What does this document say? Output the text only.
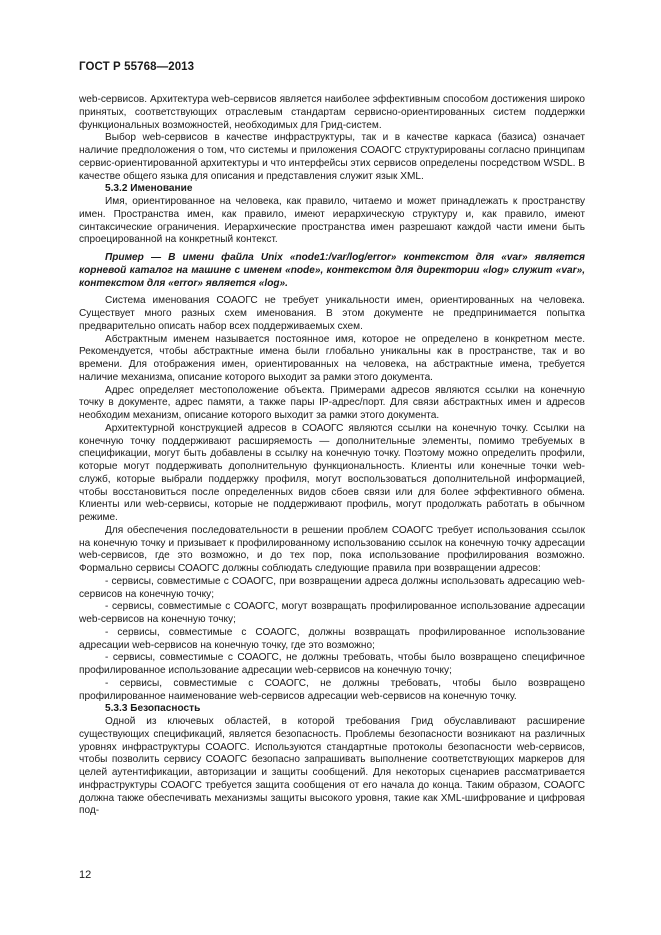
ГОСТ Р 55768—2013

web-сервисов. Архитектура web-сервисов является наиболее эффективным способом достижения широко принятых, соответствующих отраслевым стандартам сервисно-ориентированных систем поддержки функциональных возможностей, необходимых для Грид-систем.

Выбор web-сервисов в качестве инфраструктуры, так и в качестве каркаса (базиса) означает наличие предположения о том, что системы и приложения СОАОГС структурированы согласно принципам сервис-ориентированной архитектуры и что интерфейсы этих сервисов определены посредством WSDL. В качестве общего языка для описания и представления служит язык XML.

5.3.2 Именование

Имя, ориентированное на человека, как правило, читаемо и может принадлежать к пространству имен. Пространства имен, как правило, имеют иерархическую структуру и, как правило, имеют синтаксические ограничения. Иерархические пространства имен разрешают каждой части имени быть спроецированной на конкретный контекст.

Пример — В имени файла Unix «node1:/var/log/error» контекстом для «var» является корневой каталог на машине с именем «node», контекстом для директории «log» служит «var», контекстом для «error» является «log».

Система именования СОАОГС не требует уникальности имен, ориентированных на человека. Существует много разных схем именования. В этом документе не предпринимается попытка предварительно описать набор всех поддерживаемых схем.

Абстрактным именем называется постоянное имя, которое не определено в конкретном месте. Рекомендуется, чтобы абстрактные имена были глобально уникальны как в пространстве, так и во времени. Для отображения имен, ориентированных на человека, на абстрактные имена, требуется наличие механизма, описание которого выходит за рамки этого документа.

Адрес определяет местоположение объекта. Примерами адресов являются ссылки на конечную точку в документе, адрес памяти, а также пары IP-адрес/порт. Для связи абстрактных имен и адресов необходим механизм, описание которого выходит за рамки этого документа.

Архитектурной конструкцией адресов в СОАОГС являются ссылки на конечную точку. Ссылки на конечную точку поддерживают расширяемость — дополнительные элементы, помимо требуемых в спецификации, могут быть добавлены в ссылку на конечную точку. Поэтому можно определить профили, которые могут поддерживать дополнительную функциональность. Клиенты или конечные точки web-служб, которые выбрали поддержку профиля, могут воспользоваться дополнительной информацией, чтобы восстановиться после определенных видов сбоев связи или для более эффективного обмена. Клиенты или web-сервисы, которые не поддерживают профиль, могут продолжать работать в обычном режиме.

Для обеспечения последовательности в решении проблем СОАОГС требует использования ссылок на конечную точку и призывает к профилированному использованию ссылок на конечную точку адресации web-сервисов, где это возможно, и до тех пор, пока использование профилирования возможно. Формально сервисы СОАОГС должны соблюдать следующие правила при возвращении адресов:

- сервисы, совместимые с СОАОГС, при возвращении адреса должны использовать адресацию web-сервисов на конечную точку;

- сервисы, совместимые с СОАОГС, могут возвращать профилированное использование адресации web-сервисов на конечную точку;

- сервисы, совместимые с СОАОГС, должны возвращать профилированное использование адресации web-сервисов на конечную точку, где это возможно;

- сервисы, совместимые с СОАОГС, не должны требовать, чтобы было возвращено специфичное профилированное использование адресации web-сервисов на конечную точку;

- сервисы, совместимые с СОАОГС, не должны требовать, чтобы было возвращено профилированное наименование web-сервисов адресации web-сервисов на конечную точку.

5.3.3 Безопасность

Одной из ключевых областей, в которой требования Грид обуславливают расширение существующих спецификаций, является безопасность. Проблемы безопасности возникают на различных уровнях инфраструктуры СОАОГС. Используются стандартные протоколы безопасности web-сервисов, чтобы позволить сервису СОАОГС безопасно запрашивать выполнение соответствующих маркеров для целей аутентификации, авторизации и защиты сообщений. Для некоторых сценариев рассматривается инфраструктуры СОАОГС требуется защита сообщения от его начала до конца. Таким образом, СОАОГС должна также обеспечивать механизмы защиты высокого уровня, такие как XML-шифрование и цифровая под-

12
